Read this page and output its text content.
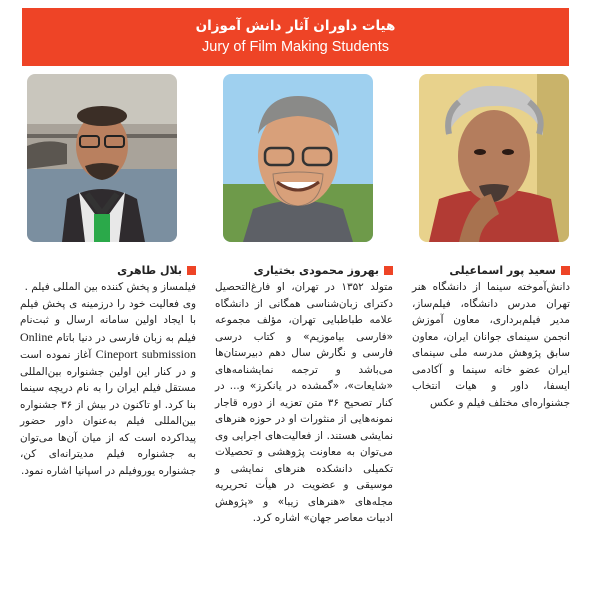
هیات داوران آثار دانش آموزان
Jury of Film Making Students
سعید پور اسماعیلی
دانش‌آموخته سینما از دانشگاه هنر تهران مدرس دانشگاه، فیلم‌ساز، مدیر فیلم‌برداری، معاون آموزش انجمن سینمای جوانان ایران، معاون سابق پژوهش مدرسه ملی سینمای ایران عضو خانه سینما و آکادمی ایسفا، داور و هیات انتخاب جشنواره‌ای مختلف فیلم و عکس
بهروز محمودی بختیاری
متولد ۱۳۵۲ در تهران، او فارغ‌التحصیل دکترای زبان‌شناسی همگانی از دانشگاه علامه طباطبایی تهران، مؤلف مجموعه «فارسی بیاموزیم» و کتاب درسی فارسی و نگارش سال دهم دبیرستان‌ها می‌باشد و ترجمه نمایشنامه‌های «شایعات»، «گمشده در یانکرز» و... در کنار تصحیح ۳۶ متن تعزیه از دوره قاجار نمونه‌هایی از منثورات او در حوزه هنرهای نمایشی هستند. از فعالیت‌های اجرایی وی می‌توان به معاونت پژوهشی و تحصیلات تکمیلی دانشکده هنرهای نمایشی و موسیقی و عضویت در هیأت تحریریه مجله‌های «هنرهای زیبا» و «پژوهش ادبیات معاصر جهان» اشاره کرد.
بلال طاهری

فیلمساز و پخش کننده بین المللی فیلم .

وی فعالیت خود را درزمینه ی پخش فیلم با ایجاد اولین سامانه ارسال و ثبت‌نام فیلم به زبان فارسی در دنیا باتام Online Cineport submission آغاز نموده است و در کنار این اولین جشنواره بین‌المللی مستقل فیلم ایران را به نام دریچه سینما بنا کرد. او تاکنون در بیش از ۳۶ جشنواره بین‌المللی فیلم به‌عنوان داور حضور پیداکرده است که از میان آن‌ها می‌توان به جشنواره فیلم مدیترانه‌ای کن، جشنواره یوروفیلم در اسپانیا اشاره نمود.
